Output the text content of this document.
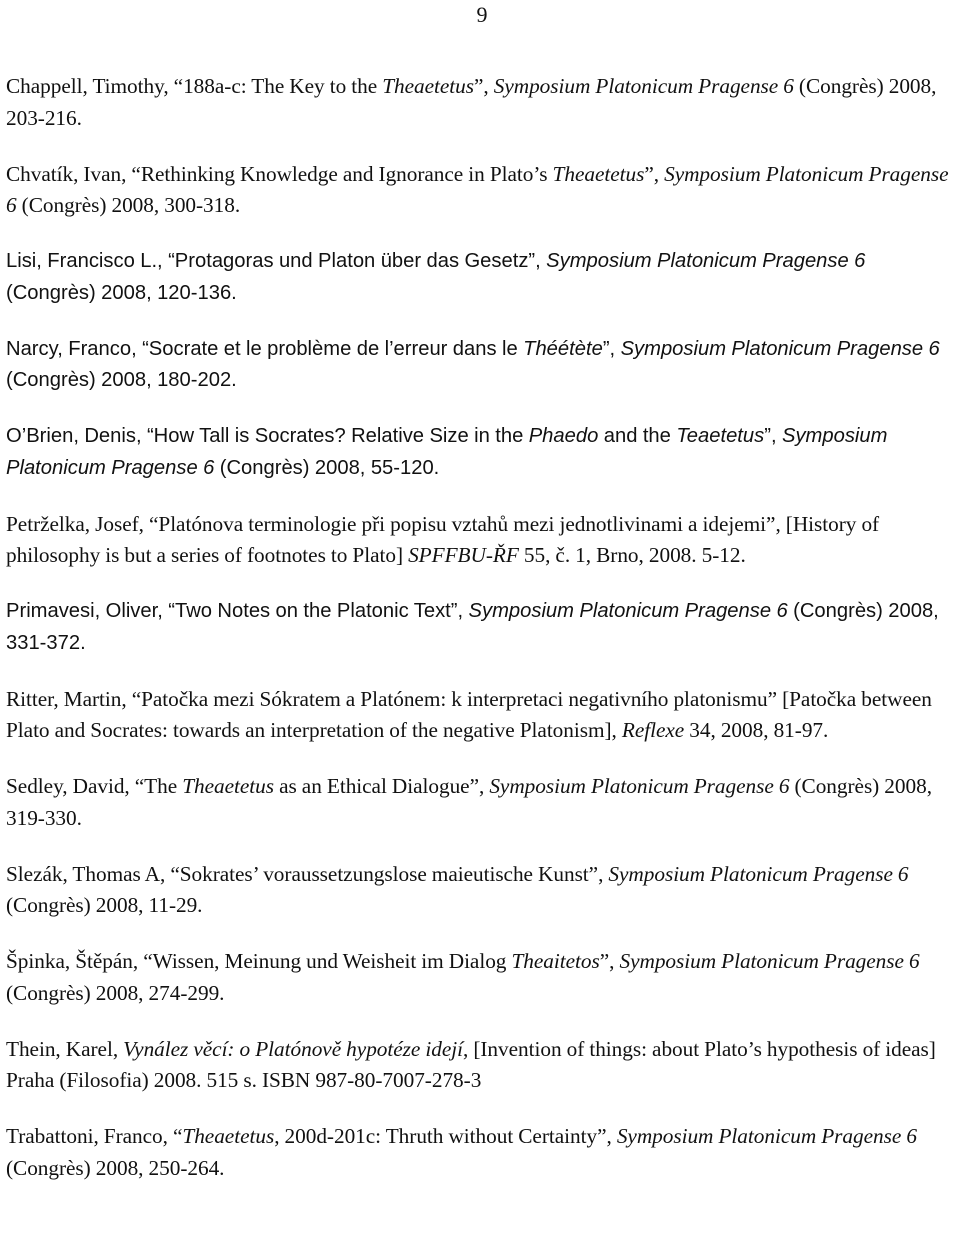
9

Chappell, Timothy, “188a-c: The Key to the Theaetetus”, Symposium Platonicum Pragense 6 (Congrès) 2008, 203-216.

Chvatík, Ivan, “Rethinking Knowledge and Ignorance in Plato’s Theaetetus”, Symposium Platonicum Pragense 6 (Congrès) 2008, 300-318.

Lisi, Francisco L., “Protagoras und Platon über das Gesetz”, Symposium Platonicum Pragense 6 (Congrès) 2008, 120-136.

Narcy, Franco, “Socrate et le problème de l’erreur dans le Théétète”, Symposium Platonicum Pragense 6 (Congrès) 2008, 180-202.

O’Brien, Denis, “How Tall is Socrates? Relative Size in the Phaedo and the Teaetetus”, Symposium Platonicum Pragense 6 (Congrès) 2008, 55-120.

Petrželka, Josef, “Platónova terminologie při popisu vztahů mezi jednotlivinami a idejemi”, [History of philosophy is but a series of footnotes to Plato] SPFFBU-ŘF 55, č. 1, Brno, 2008. 5-12.

Primavesi, Oliver, “Two Notes on the Platonic Text”, Symposium Platonicum Pragense 6 (Congrès) 2008, 331-372.

Ritter, Martin, “Patočka mezi Sókratem a Platónem: k interpretaci negativního platonismu” [Patočka between Plato and Socrates: towards an interpretation of the negative Platonism], Reflexe 34, 2008, 81-97.

Sedley, David, “The Theaetetus as an Ethical Dialogue”, Symposium Platonicum Pragense 6 (Congrès) 2008, 319-330.

Slezák, Thomas A, “Sokrates’ voraussetzungslose maieutische Kunst”, Symposium Platonicum Pragense 6 (Congrès) 2008, 11-29.

Špinka, Štěpán, “Wissen, Meinung und Weisheit im Dialog Theaitetos”, Symposium Platonicum Pragense 6 (Congrès) 2008, 274-299.

Thein, Karel, Vynález věcí: o Platónově hypotéze idejí, [Invention of things: about Plato’s hypothesis of ideas] Praha (Filosofia) 2008. 515 s. ISBN 987-80-7007-278-3

Trabattoni, Franco, “Theaetetus, 200d-201c: Thruth without Certainty”, Symposium Platonicum Pragense 6 (Congrès) 2008, 250-264.
